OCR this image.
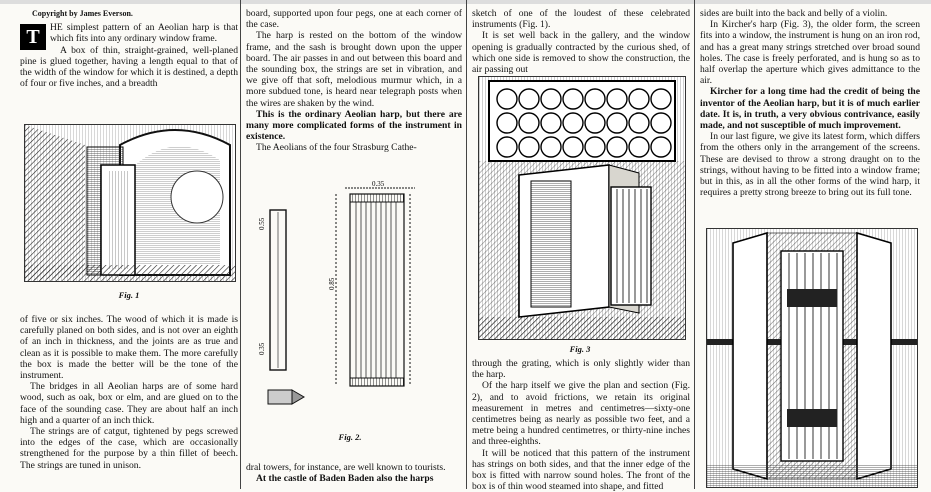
Copyright by James Everson.

T	HE simplest pattern of an Aeolian harp is that which fits into any ordinary window frame.

A box of thin, straight-grained, well-planed pine is glued together, having a length equal to that of the width of the window for which it is destined, a depth of four or five inches, and a breadth

Fig. 1

of five or six inches. The wood of which it is made is carefully planed on both sides, and is not over an eighth of an inch in thickness, and the joints are as true and clean as it is possible to make them. The more carefully the box is made the better will be the tone of the instrument.

The bridges in all Aeolian harps are of some hard wood, such as oak, box or elm, and are glued on to the face of the sounding case. They are about half an inch high and a quarter of an inch thick.

The strings are of catgut, tightened by pegs screwed into the edges of the case, which are occasionally strengthened for the purpose by a thin fillet of beech. The strings are tuned in unison.

board, supported upon four pegs, one at each corner of the case.

The harp is rested on the bottom of the window frame, and the sash is brought down upon the upper board. The air passes in and out between this board and the sounding box, the strings are set in vibration, and we give off that soft, melodious murmur which, in a more subdued tone, is heard near telegraph posts when the wires are shaken by the wind.

This is the ordinary Aeolian harp, but there are many more complicated forms of the instrument in existence.

The Aeolians of the four Strasburg Cathe-

0.55
0.35
0.35
0.85
Fig. 2.

dral towers, for instance, are well known to tourists.

At the castle of Baden Baden also the harps

sketch of one of the loudest of these celebrated instruments (Fig. 1).

It is set well back in the gallery, and the window opening is gradually contracted by the curious shed, of which one side is removed to show the construction, the air passing out

Fig. 3

through the grating, which is only slightly wider than the harp.

Of the harp itself we give the plan and section (Fig. 2), and to avoid frictions, we retain its original measurement in metres and centimetres—sixty-one centimetres being as nearly as possible two feet, and a metre being a hundred centimetres, or thirty-nine inches and three-eighths.

It will be noticed that this pattern of the instrument has strings on both sides, and that the inner edge of the box is fitted with narrow sound holes. The front of the box is of thin wood steamed into shape, and fitted

sides are built into the back and belly of a violin.

In Kircher's harp (Fig. 3), the older form, the screen fits into a window, the instrument is hung on an iron rod, and has a great many strings stretched over broad sound holes. The case is freely perforated, and is hung so as to half overlap the aperture which gives admittance to the air.

Kircher for a long time had the credit of being the inventor of the Aeolian harp, but it is of much earlier date. It is, in truth, a very obvious contrivance, easily made, and not susceptible of much improvement.

In our last figure, we give its latest form, which differs from the others only in the arrangement of the screens. These are devised to throw a strong draught on to the strings, without having to be fitted into a window frame; but in this, as in all the other forms of the wind harp, it requires a pretty strong breeze to bring out its full tone.
